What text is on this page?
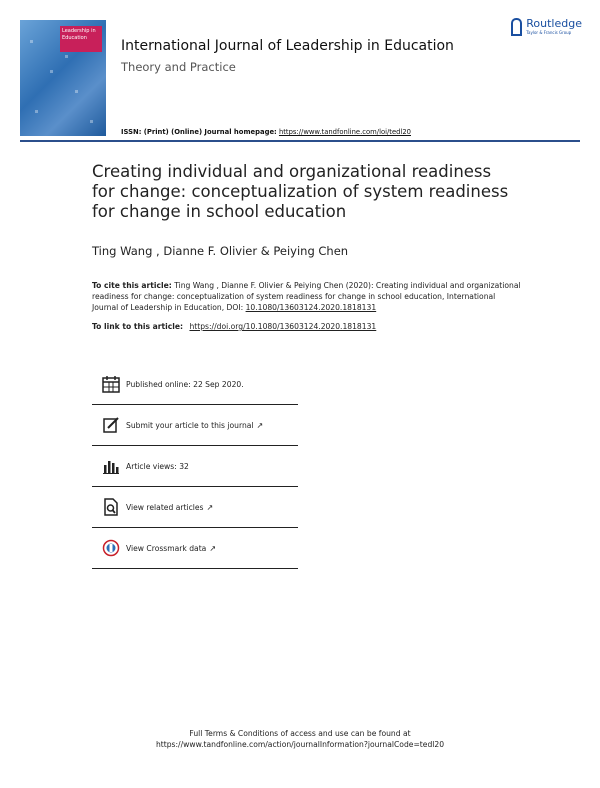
Leadership in Education
Routledge
Taylor & Francis Group
International Journal of Leadership in Education
Theory and Practice
ISSN: (Print) (Online) Journal homepage: https://www.tandfonline.com/loi/tedl20
Creating individual and organizational readiness for change: conceptualization of system readiness for change in school education
Ting Wang , Dianne F. Olivier & Peiying Chen
To cite this article: Ting Wang , Dianne F. Olivier & Peiying Chen (2020): Creating individual and organizational readiness for change: conceptualization of system readiness for change in school education, International Journal of Leadership in Education, DOI: 10.1080/13603124.2020.1818131
To link to this article: https://doi.org/10.1080/13603124.2020.1818131
Published online: 22 Sep 2020.
Submit your article to this journal ↗
Article views: 32
View related articles ↗
View Crossmark data ↗
Full Terms & Conditions of access and use can be found at
https://www.tandfonline.com/action/journalInformation?journalCode=tedl20
